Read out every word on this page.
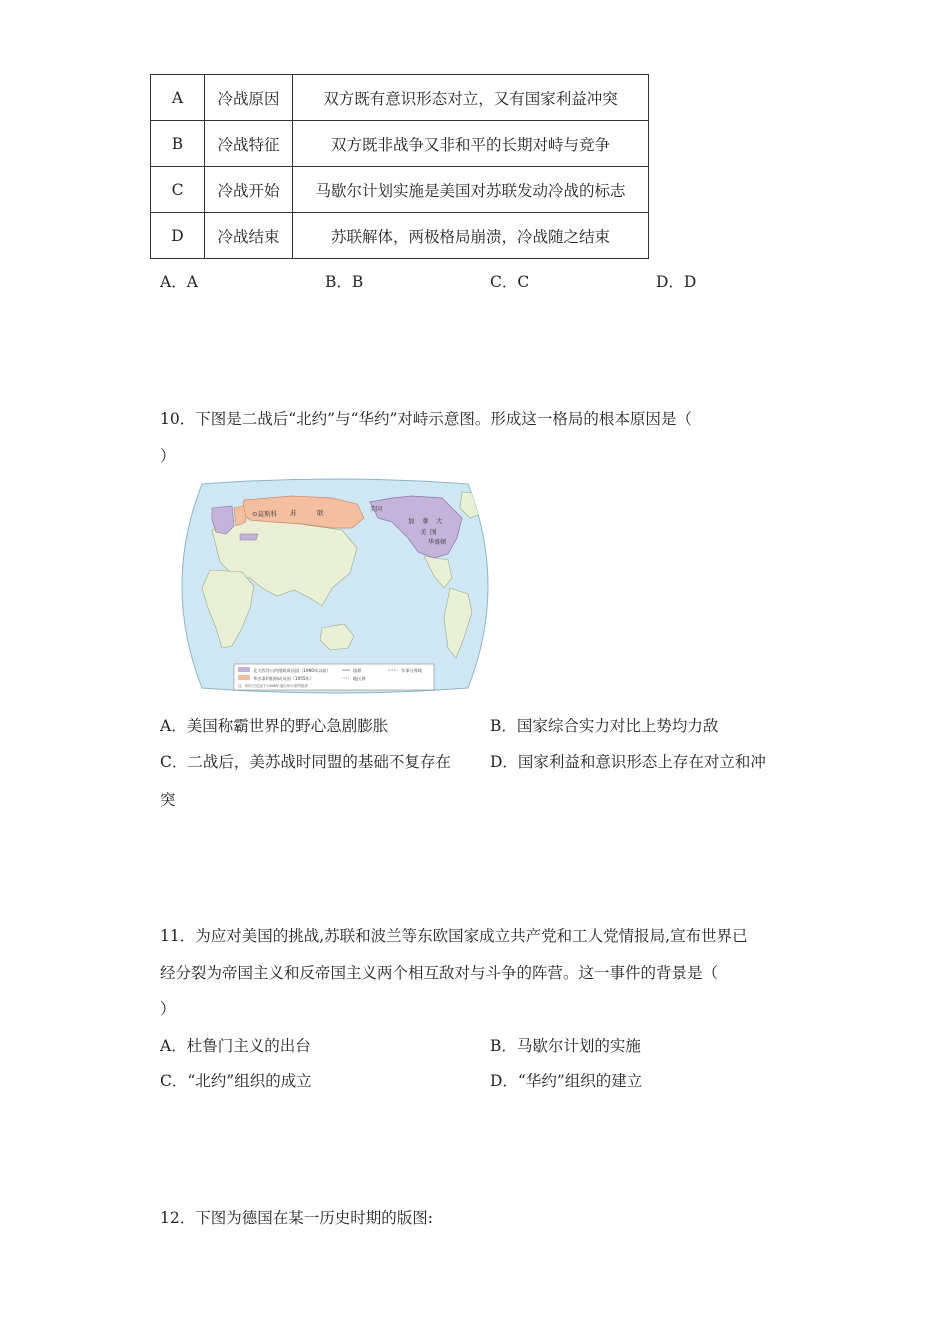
A	冷战原因	双方既有意识形态对立，又有国家利益冲突
B	冷战特征	双方既非战争又非和平的长期对峙与竞争
C	冷战开始	马歇尔计划实施是美国对苏联发动冷战的标志
D	冷战结束	苏联解体，两极格局崩溃，冷战随之结束
A．A	B．B	C．C	D．D
10．下图是二战后“北约”与“华约”对峙示意图。形成这一格局的根本原因是（
）
⊙莫斯科 苏	联	美国
加 拿 大
美 国
华盛顿
北大西洋公约组织成员国（1960年以前）
华沙条约组织成员国（1955年）
注：阿尔巴尼亚于1968年退出华沙条约组织
国界
地区界
军事分界线
A．美国称霸世界的野心急剧膨胀	B．国家综合实力对比上势均力敌
C．二战后，美苏战时同盟的基础不复存在	D．国家利益和意识形态上存在对立和冲
突
11．为应对美国的挑战,苏联和波兰等东欧国家成立共产党和工人党情报局,宣布世界已
经分裂为帝国主义和反帝国主义两个相互敌对与斗争的阵营。这一事件的背景是（
）
A．杜鲁门主义的出台	B．马歇尔计划的实施
C．“北约”组织的成立	D．“华约”组织的建立
12．下图为德国在某一历史时期的版图:
